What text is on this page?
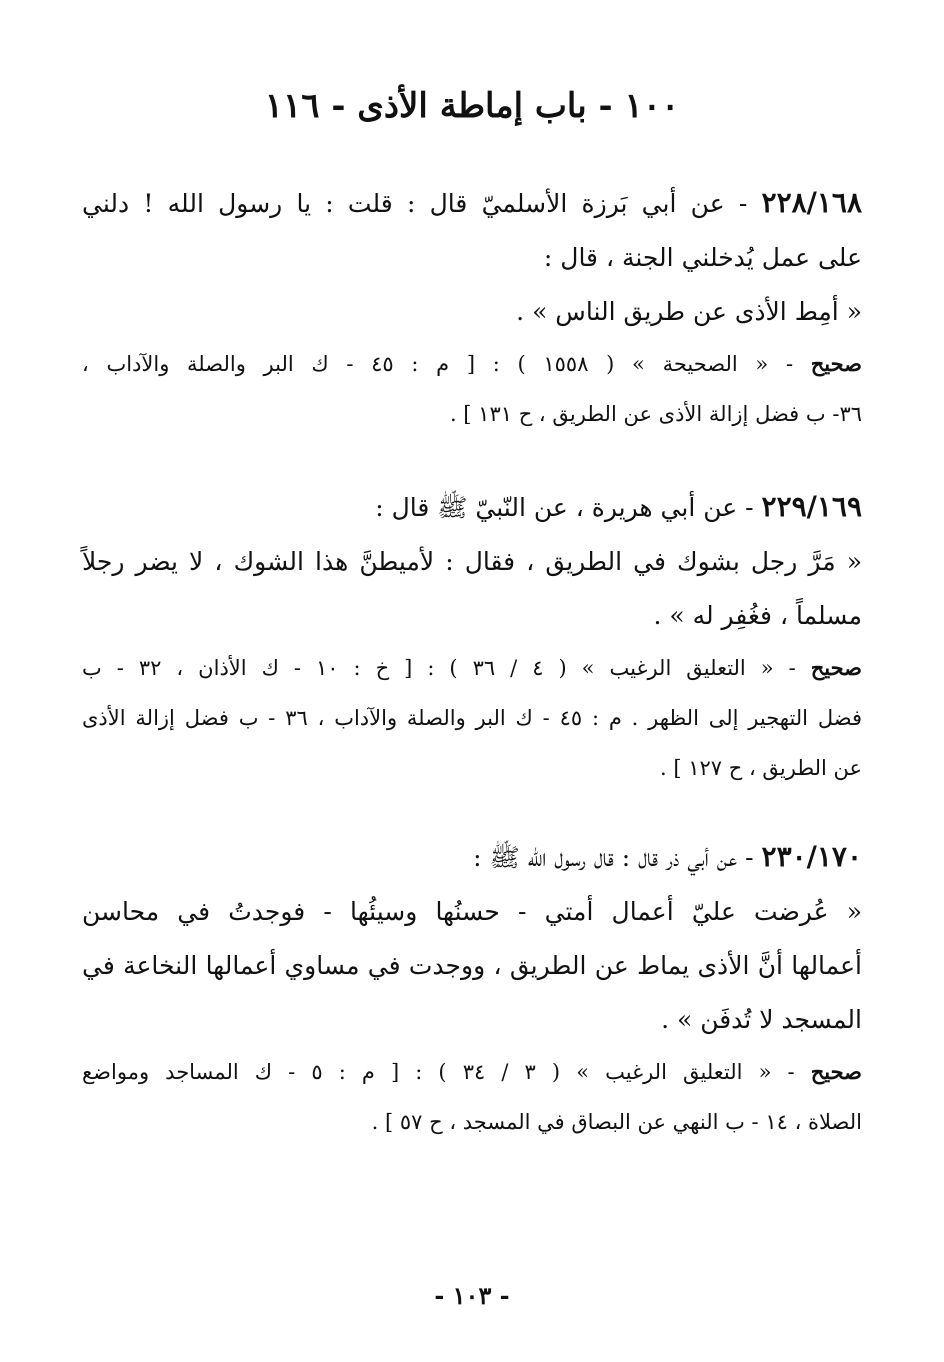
١٠٠ - باب إماطة الأذى - ١١٦
٢٢٨/١٦٨ - عن أبي بَرزة الأسلميّ قال : قلت : يا رسول الله ! دلني
على عمل يُدخلني الجنة ، قال :
« أمِط الأذى عن طريق الناس » .
صحيح - « الصحيحة » ( ١٥٥٨ ) : [ م : ٤٥ - ك البر والصلة والآداب ،
٣٦- ب فضل إزالة الأذى عن الطريق ، ح ١٣١ ] .
٢٢٩/١٦٩ - عن أبي هريرة ، عن النّبيّ ﷺ قال :
« مَرَّ رجل بشوك في الطريق ، فقال : لأميطنَّ هذا الشوك ، لا يضر رجلاً
مسلماً ، فغُفِر له » .
صحيح - « التعليق الرغيب » ( ٤ / ٣٦ ) : [ خ : ١٠ - ك الأذان ، ٣٢ - ب
فضل التهجير إلى الظهر . م : ٤٥ - ك البر والصلة والآداب ، ٣٦ - ب فضل إزالة الأذى
عن الطريق ، ح ١٢٧ ] .
٢٣٠/١٧٠ - عن أبي ذر قال : قال رسول الله ﷺ :
« عُرضت عليّ أعمال أمتي - حسنُها وسيئُها - فوجدتُ في محاسن
أعمالها أنَّ الأذى يماط عن الطريق ، ووجدت في مساوي أعمالها النخاعة في
المسجد لا تُدفَن » .
صحيح - « التعليق الرغيب » ( ٣ / ٣٤ ) : [ م : ٥ - ك المساجد ومواضع
الصلاة ، ١٤ - ب النهي عن البصاق في المسجد ، ح ٥٧ ] .
- ١٠٣ -
